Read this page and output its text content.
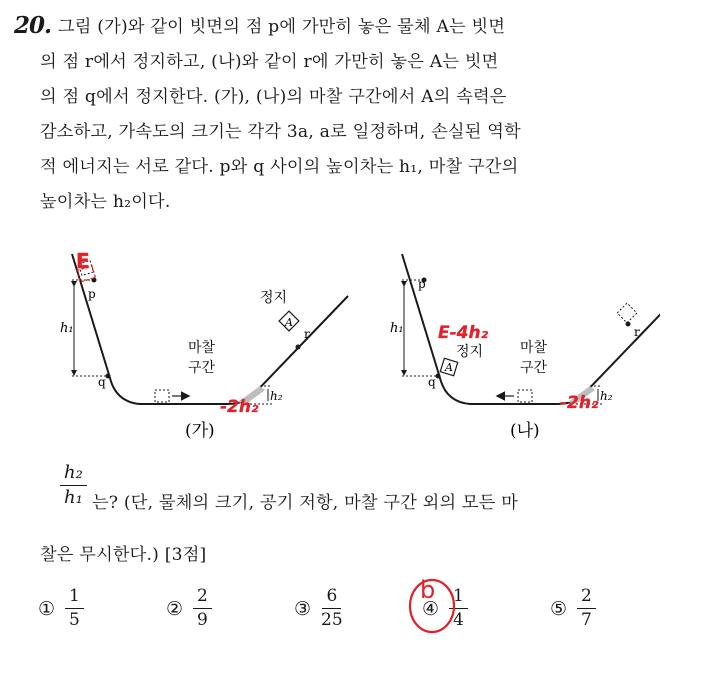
20. 그림 (가)와 같이 빗면의 점 p에 가만히 놓은 물체 A는 빗면
의 점 r에서 정지하고, (나)와 같이 r에 가만히 놓은 A는 빗면
의 점 q에서 정지한다. (가), (나)의 마찰 구간에서 A의 속력은
감소하고, 가속도의 크기는 각각 3a, a로 일정하며, 손실된 역학
적 에너지는 서로 같다. p와 q 사이의 높이차는 h₁, 마찰 구간의
높이차는 h₂이다.
A
p
q
r
h₁
h₂
정지
마찰
구간
(가)
A
p
q
r
h₁
h₂
정지	마찰
구간
(나)
$\frac{\text{h₂}}{\text{h₁}}$ 는? (단, 물체의 크기, 공기 저항, 마찰 구간 외의 모든 마
찰은 무시한다.) [3점]
① $\frac{1}{5}$	② $\frac{2}{9}$	③ $\frac{6}{25}$	④ $\frac{1}{4}$	⑤ $\frac{2}{7}$
E
-2h₂
E-4h₂
-2h₂
b
